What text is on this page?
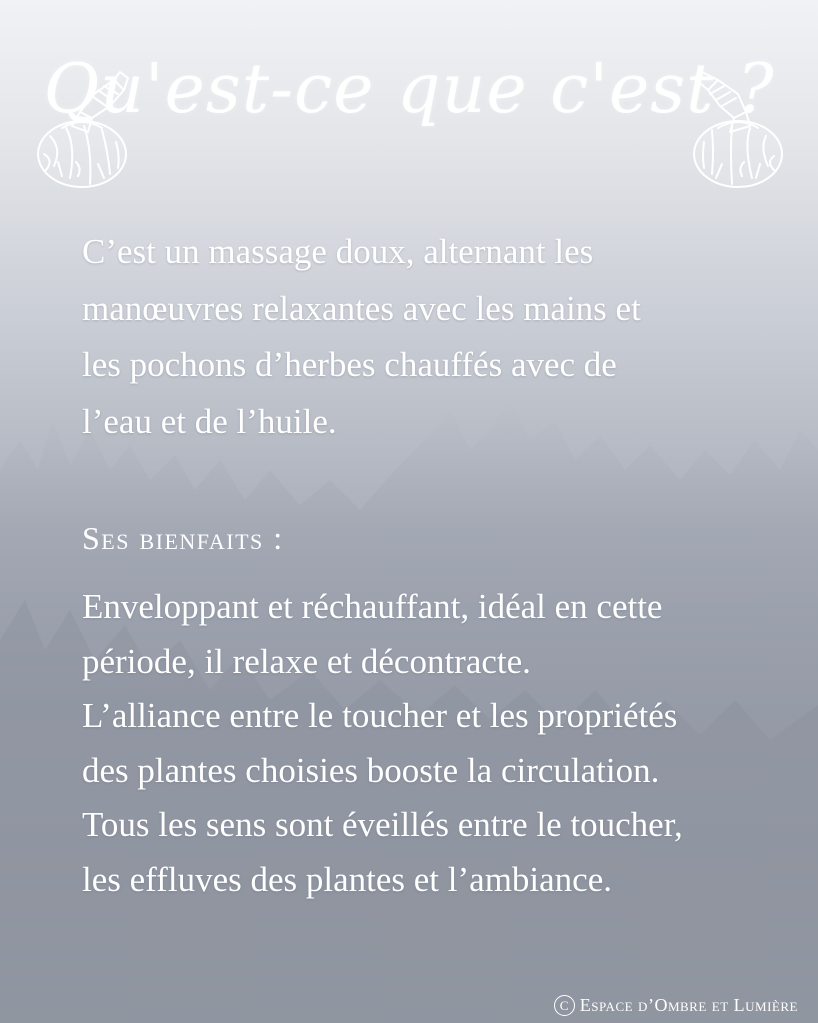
Qu'est-ce que c'est ?
C’est un massage doux, alternant les
manœuvres relaxantes avec les mains et
les pochons d’herbes chauffés avec de
l’eau et de l’huile.
Ses bienfaits :
Enveloppant et réchauffant, idéal en cette
période, il relaxe et décontracte.
L’alliance entre le toucher et les propriétés
des plantes choisies booste la circulation.
Tous les sens sont éveillés entre le toucher,
les effluves des plantes et l’ambiance.
C Espace d’Ombre et Lumière
